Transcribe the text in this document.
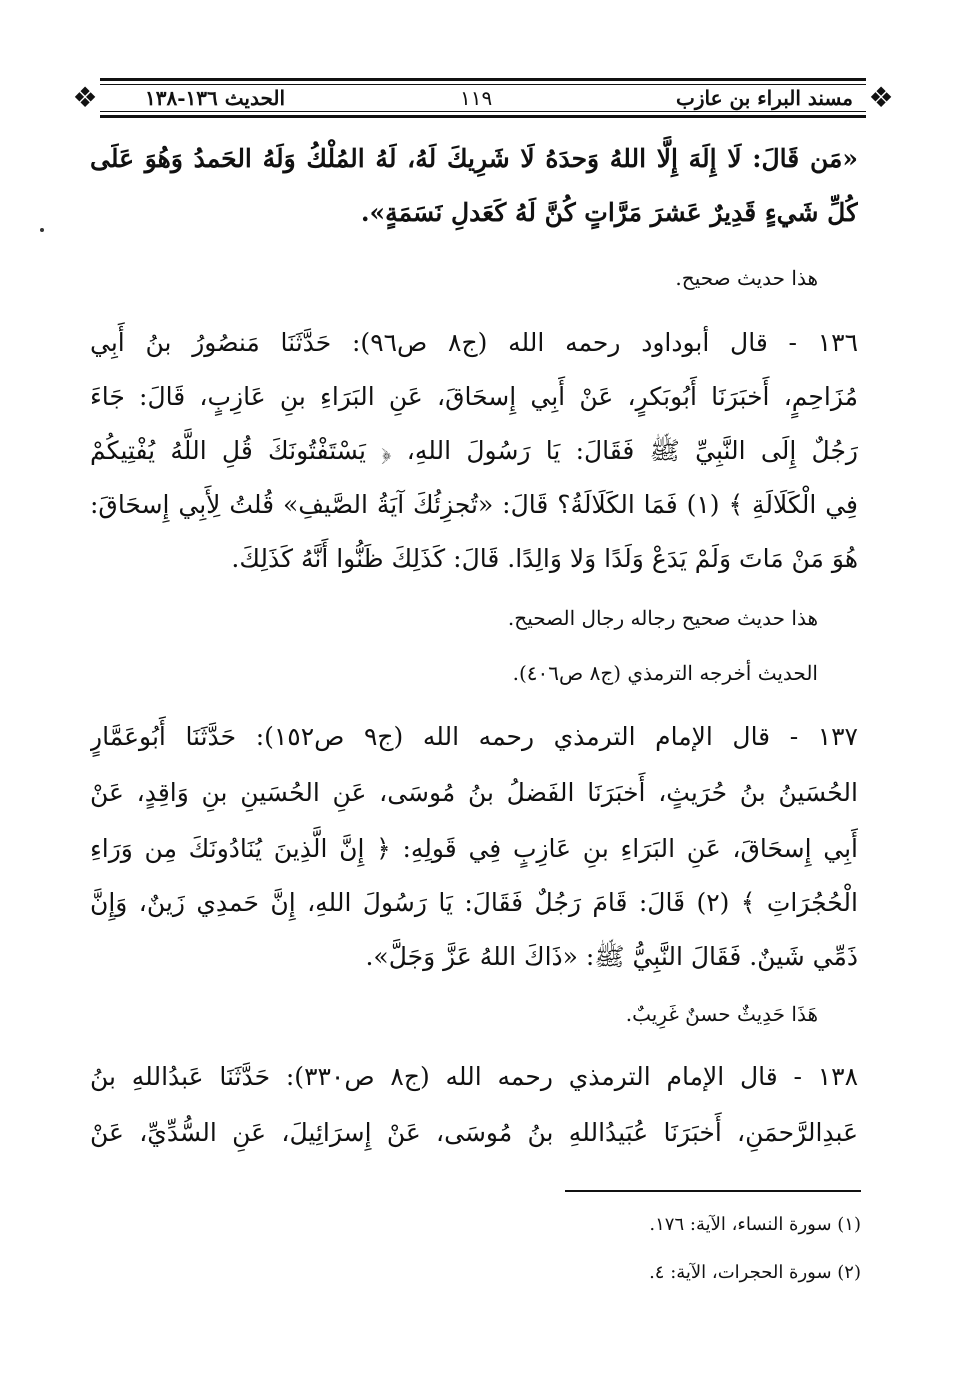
❖
❖	مسند البراء بن عازب
١١٩
الحديث ١٣٦-١٣٨
«مَن قَالَ: لَا إِلَهَ إِلَّا اللهُ وَحدَهُ لَا شَرِيكَ لَهُ، لَهُ المُلْكُ وَلَهُ الحَمدُ وَهُوَ عَلَى
كُلِّ شَيءٍ قَدِيرٌ عَشرَ مَرَّاتٍ كُنَّ لَهُ كَعَدلِ نَسَمَةٍ».
هذا حديث صحيح.
١٣٦ - قال أبوداود رحمه الله (ج٨ ص٩٦): حَدَّثَنَا مَنصُورُ بنُ أَبِي
مُزَاحِمٍ، أَخبَرَنَا أَبُوبَكرٍ، عَنْ أَبِي إِسحَاقَ، عَنِ البَرَاءِ بنِ عَازِبٍ، قَالَ: جَاءَ
رَجُلٌ إِلَى النَّبِيِّ ﷺ فَقَالَ: يَا رَسُولَ اللهِ، ﴿ يَسْتَفْتُونَكَ قُلِ اللَّهُ يُفْتِيكُمْ
فِي الْكَلَالَةِ ﴾ (١) فَمَا الكَلَالَةُ؟ قَالَ: «تُجزِئُكَ آيَةُ الصَّيفِ» قُلتُ لِأَبِي إِسحَاقَ:
هُوَ مَنْ مَاتَ وَلَمْ يَدَعْ وَلَدًا وَلا وَالِدًا. قَالَ: كَذَلِكَ ظَنُّوا أَنَّهُ كَذَلِكَ.
هذا حديث صحيح رجاله رجال الصحيح.
الحديث أخرجه الترمذي (ج٨ ص٤٠٦).
١٣٧ - قال الإمام الترمذي رحمه الله (ج٩ ص١٥٢): حَدَّثَنَا أَبُوعَمَّارٍ
الحُسَينُ بنُ حُرَيثٍ، أَخبَرَنَا الفَضلُ بنُ مُوسَى، عَنِ الحُسَينِ بنِ وَاقِدٍ، عَنْ
أَبِي إِسحَاقَ، عَنِ البَرَاءِ بنِ عَازِبٍ فِي قَولِهِ: ﴿ إِنَّ الَّذِينَ يُنَادُونَكَ مِن وَرَاءِ
الْحُجُرَاتِ ﴾ (٢) قَالَ: قَامَ رَجُلٌ فَقَالَ: يَا رَسُولَ اللهِ، إِنَّ حَمدِي زَينٌ، وَإِنَّ
ذَمِّي شَينٌ. فَقَالَ النَّبِيُّ ﷺ: «ذَاكَ اللهُ عَزَّ وَجَلَّ».
هَذَا حَدِيثٌ حسنٌ غَرِيبٌ.
١٣٨ - قال الإمام الترمذي رحمه الله (ج٨ ص٣٣٠): حَدَّثَنَا عَبدُاللهِ بنُ
عَبدِالرَّحمَنِ، أَخبَرَنَا عُبَيدُاللهِ بنُ مُوسَى، عَنْ إِسرَائِيلَ، عَنِ السُّدِّيِّ، عَنْ
(١) سورة النساء، الآية: ١٧٦.
(٢) سورة الحجرات، الآية: ٤.
